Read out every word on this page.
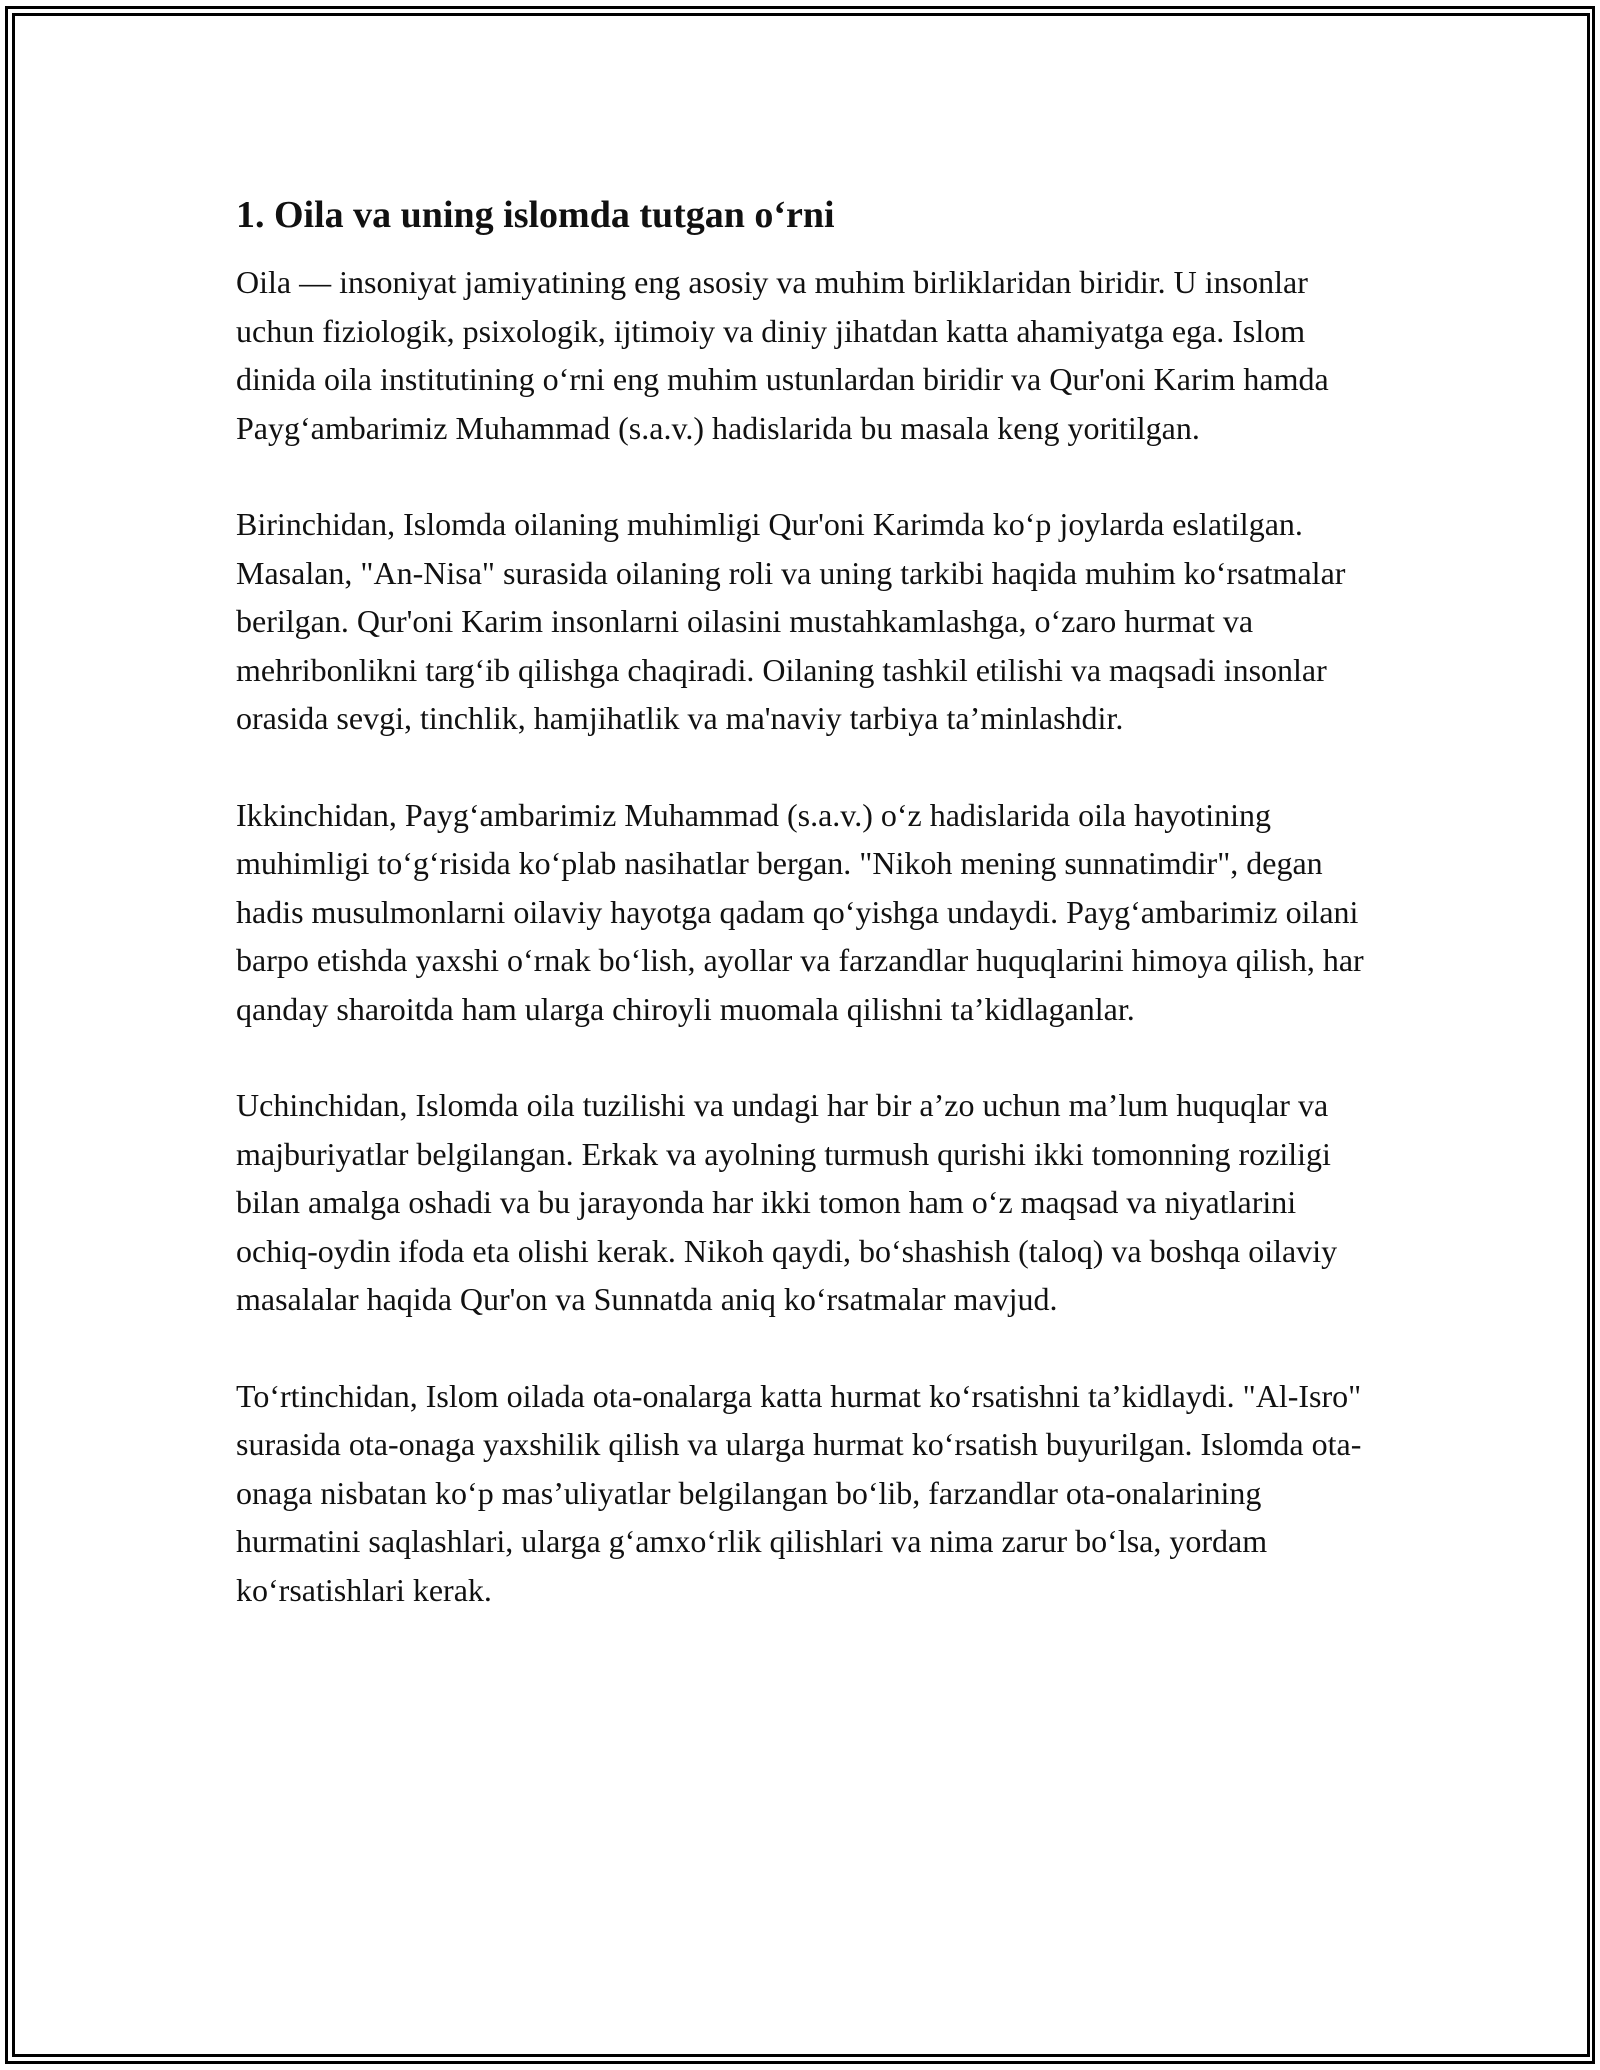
1. Oila va uning islomda tutgan o‘rni

Oila — insoniyat jamiyatining eng asosiy va muhim birliklaridan biridir. U insonlar uchun fiziologik, psixologik, ijtimoiy va diniy jihatdan katta ahamiyatga ega. Islom dinida oila institutining o‘rni eng muhim ustunlardan biridir va Qur'oni Karim hamda Payg‘ambarimiz Muhammad (s.a.v.) hadislarida bu masala keng yoritilgan.

Birinchidan, Islomda oilaning muhimligi Qur'oni Karimda ko‘p joylarda eslatilgan. Masalan, "An-Nisa" surasida oilaning roli va uning tarkibi haqida muhim ko‘rsatmalar berilgan. Qur'oni Karim insonlarni oilasini mustahkamlashga, o‘zaro hurmat va mehribonlikni targ‘ib qilishga chaqiradi. Oilaning tashkil etilishi va maqsadi insonlar orasida sevgi, tinchlik, hamjihatlik va ma'naviy tarbiya ta’minlashdir.

Ikkinchidan, Payg‘ambarimiz Muhammad (s.a.v.) o‘z hadislarida oila hayotining muhimligi to‘g‘risida ko‘plab nasihatlar bergan. "Nikoh mening sunnatimdir", degan hadis musulmonlarni oilaviy hayotga qadam qo‘yishga undaydi. Payg‘ambarimiz oilani barpo etishda yaxshi o‘rnak bo‘lish, ayollar va farzandlar huquqlarini himoya qilish, har qanday sharoitda ham ularga chiroyli muomala qilishni ta’kidlaganlar.

Uchinchidan, Islomda oila tuzilishi va undagi har bir a’zo uchun ma’lum huquqlar va majburiyatlar belgilangan. Erkak va ayolning turmush qurishi ikki tomonning roziligi bilan amalga oshadi va bu jarayonda har ikki tomon ham o‘z maqsad va niyatlarini ochiq-oydin ifoda eta olishi kerak. Nikoh qaydi, bo‘shashish (taloq) va boshqa oilaviy masalalar haqida Qur'on va Sunnatda aniq ko‘rsatmalar mavjud.

To‘rtinchidan, Islom oilada ota-onalarga katta hurmat ko‘rsatishni ta’kidlaydi. "Al-Isro" surasida ota-onaga yaxshilik qilish va ularga hurmat ko‘rsatish buyurilgan. Islomda ota-onaga nisbatan ko‘p mas’uliyatlar belgilangan bo‘lib, farzandlar ota-onalarining hurmatini saqlashlari, ularga g‘amxo‘rlik qilishlari va nima zarur bo‘lsa, yordam ko‘rsatishlari kerak.
